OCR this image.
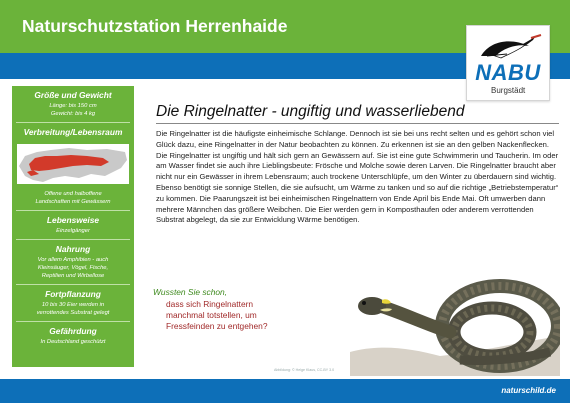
Naturschutzstation Herrenhaide
NABU
Burgstädt
Größe und Gewicht
Länge: bis 150 cm
Gewicht: bis 4 kg
Verbreitung/Lebensraum
Offene und halboffene
Landschaften mit Gewässern
Lebensweise
Einzelgänger
Nahrung
Vor allem Amphibien - auch
Kleinsäuger, Vögel, Fische,
Reptilien und Wirbellose
Fortpflanzung
10 bis 30 Eier werden in
verrottendes Substrat gelegt
Gefährdung
In Deutschland geschützt
Die Ringelnatter - ungiftig und wasserliebend
Die Ringelnatter ist die häufigste einheimische Schlange. Dennoch ist sie bei uns recht selten und es gehört schon viel Glück dazu, eine Ringelnatter in der Natur beobachten zu können. Zu erkennen ist sie an den gelben Nackenflecken. Die Ringelnatter ist ungiftig und hält sich gern an Gewässern auf. Sie ist eine gute Schwimmerin und Taucherin. Im oder am Wasser findet sie auch ihre Lieblingsbeute: Frösche und Molche sowie deren Larven. Die Ringelnatter braucht aber nicht nur ein Gewässer in ihrem Lebensraum; auch trockene Unterschlüpfe, um den Winter zu überdauern sind wichtig. Ebenso benötigt sie sonnige Stellen, die sie aufsucht, um Wärme zu tanken und so auf die richtige „Betriebstemperatur“ zu kommen. Die Paarungszeit ist bei einheimischen Ringelnattern von Ende April bis Ende Mai. Oft umwerben dann mehrere Männchen das größere Weibchen. Die Eier werden gern in Komposthaufen oder anderem verrottenden Substrat abgelegt, da sie zur Entwicklung Wärme benötigen.
Wussten Sie schon,
dass sich Ringelnattern manchmal totstellen, um Fressfeinden zu entgehen?
Abbildung: © Helge Klaus, CC-BY 3.0
naturschild.de
